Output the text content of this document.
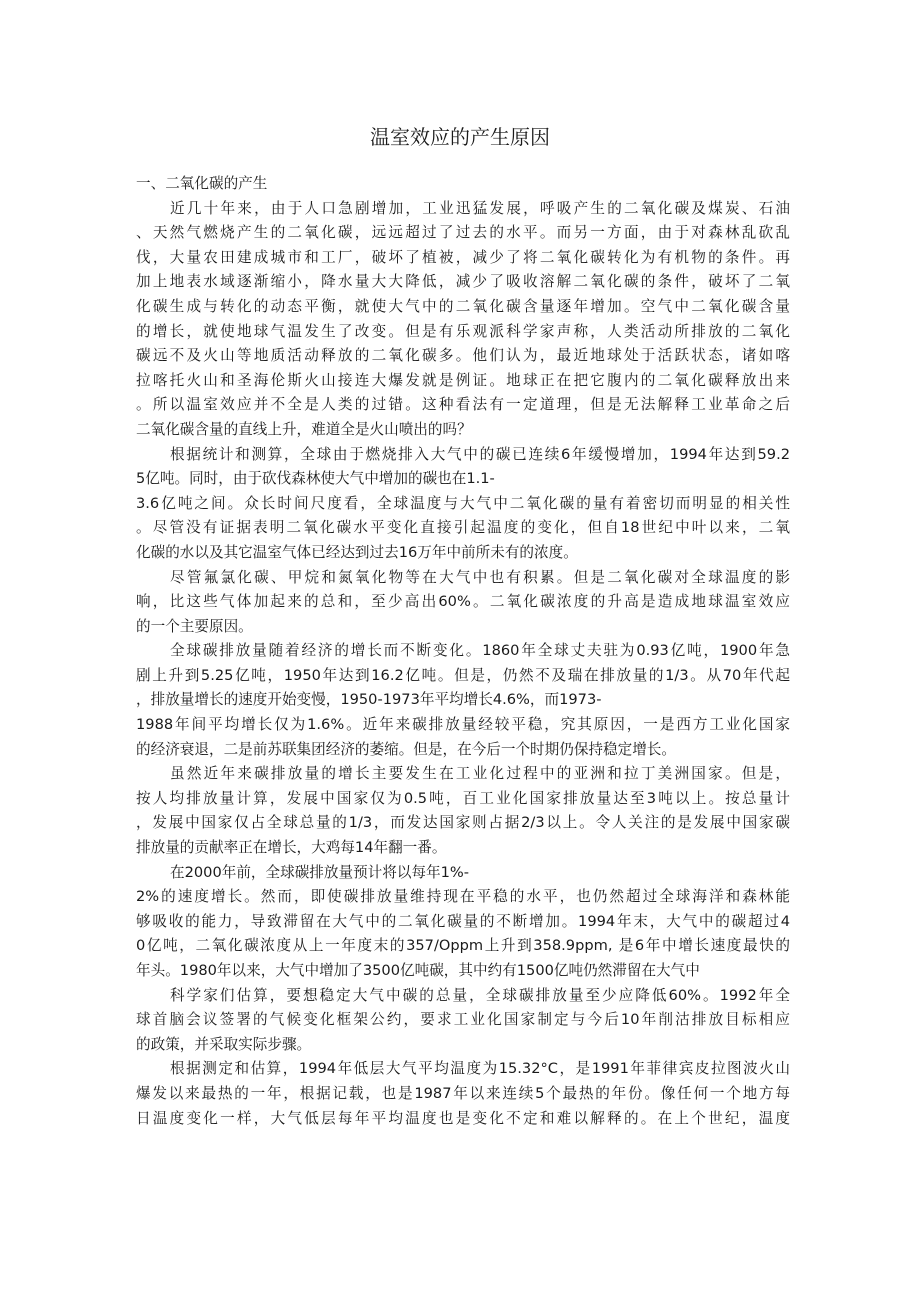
温室效应的产生原因
一、二氧化碳的产生
近几十年来，由于人口急剧增加，工业迅猛发展，呼吸产生的二氧化碳及煤炭、石油
、天然气燃烧产生的二氧化碳，远远超过了过去的水平。而另一方面，由于对森林乱砍乱
伐，大量农田建成城市和工厂，破坏了植被，减少了将二氧化碳转化为有机物的条件。再
加上地表水域逐渐缩小，降水量大大降低，减少了吸收溶解二氧化碳的条件，破坏了二氧
化碳生成与转化的动态平衡，就使大气中的二氧化碳含量逐年增加。空气中二氧化碳含量
的增长，就使地球气温发生了改变。但是有乐观派科学家声称，人类活动所排放的二氧化
碳远不及火山等地质活动释放的二氧化碳多。他们认为，最近地球处于活跃状态，诸如喀
拉喀托火山和圣海伦斯火山接连大爆发就是例证。地球正在把它腹内的二氧化碳释放出来
。所以温室效应并不全是人类的过错。这种看法有一定道理，但是无法解释工业革命之后
二氧化碳含量的直线上升，难道全是火山喷出的吗？
根据统计和测算，全球由于燃烧排入大气中的碳已连续6年缓慢增加，1994年达到59.2
5亿吨。同时，由于砍伐森林使大气中增加的碳也在1.1-
3.6亿吨之间。众长时间尺度看，全球温度与大气中二氧化碳的量有着密切而明显的相关性
。尽管没有证据表明二氧化碳水平变化直接引起温度的变化，但自18世纪中叶以来，二氧
化碳的水以及其它温室气体已经达到过去16万年中前所未有的浓度。
尽管氟氯化碳、甲烷和氮氧化物等在大气中也有积累。但是二氧化碳对全球温度的影
响，比这些气体加起来的总和，至少高出60%。二氧化碳浓度的升高是造成地球温室效应
的一个主要原因。
全球碳排放量随着经济的增长而不断变化。1860年全球丈夫驻为0.93亿吨，1900年急
剧上升到5.25亿吨，1950年达到16.2亿吨。但是，仍然不及瑞在排放量的1/3。从70年代起
，排放量增长的速度开始变慢，1950-1973年平均增长4.6%，而1973-
1988年间平均增长仅为1.6%。近年来碳排放量经较平稳，究其原因，一是西方工业化国家
的经济衰退，二是前苏联集团经济的萎缩。但是，在今后一个时期仍保持稳定增长。
虽然近年来碳排放量的增长主要发生在工业化过程中的亚洲和拉丁美洲国家。但是，
按人均排放量计算，发展中国家仅为0.5吨，百工业化国家排放量达至3吨以上。按总量计
，发展中国家仅占全球总量的1/3，而发达国家则占据2/3以上。令人关注的是发展中国家碳
排放量的贡献率正在增长，大鸡每14年翻一番。
在2000年前，全球碳排放量预计将以每年1%-
2%的速度增长。然而，即使碳排放量维持现在平稳的水平，也仍然超过全球海洋和森林能
够吸收的能力，导致滞留在大气中的二氧化碳量的不断增加。1994年末，大气中的碳超过4
0亿吨，二氧化碳浓度从上一年度末的357/Oppm上升到358.9ppm, 是6年中增长速度最快的
年头。1980年以来，大气中增加了3500亿吨碳，其中约有1500亿吨仍然滞留在大气中
科学家们估算，要想稳定大气中碳的总量，全球碳排放量至少应降低60%。1992年全
球首脑会议签署的气候变化框架公约，要求工业化国家制定与今后10年削沽排放目标相应
的政策，并采取实际步骤。
根据测定和估算，1994年低层大气平均温度为15.32°C，是1991年菲律宾皮拉图波火山
爆发以来最热的一年，根据记载，也是1987年以来连续5个最热的年份。像任何一个地方每
日温度变化一样，大气低层每年平均温度也是变化不定和难以解释的。在上个世纪，温度
